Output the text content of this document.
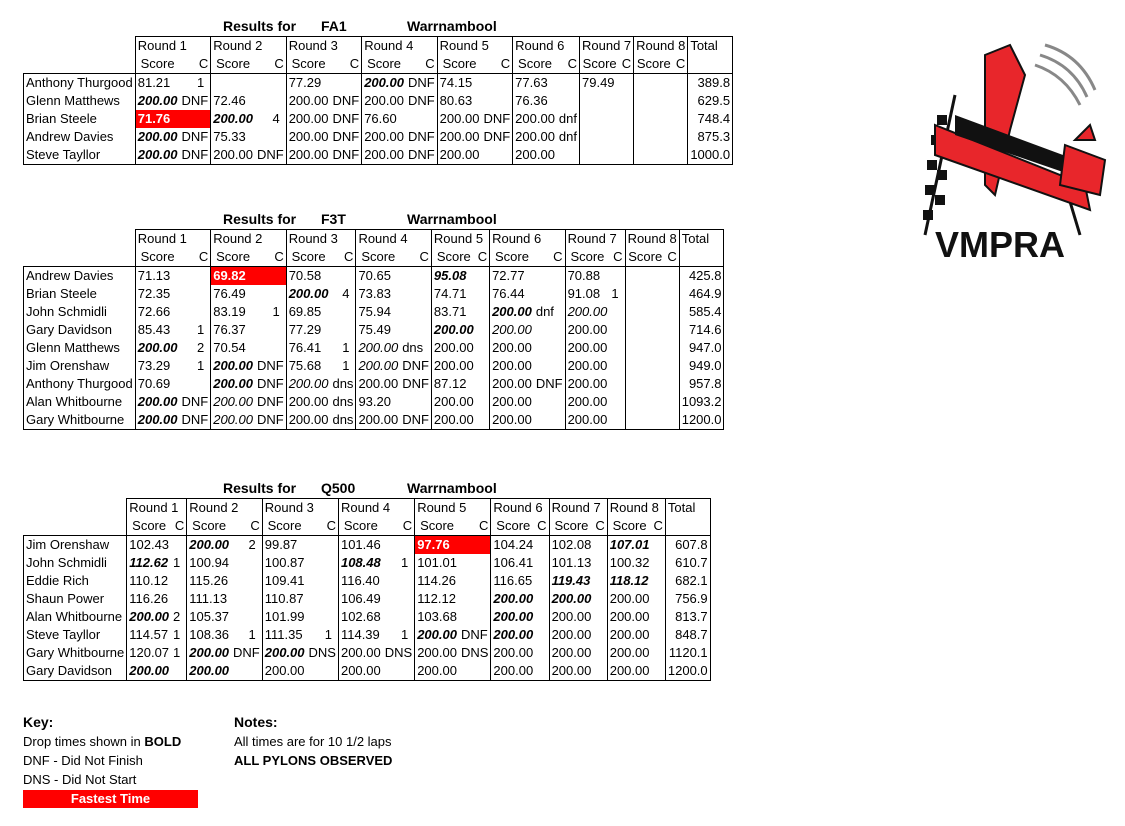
Results for FA1	Warrnambool
	Round 1		Round 2		Round 3		Round 4		Round 5		Round 6		Round 7		Round 8		Total
	Score	C	Score	C	Score	C	Score	C	Score	C	Score	C	Score	C	Score	C	
Anthony Thurgood	81.21	1			77.29		200.00	DNF	74.15		77.63		79.49				389.8
Glenn Matthews	200.00	DNF	72.46		200.00	DNF	200.00	DNF	80.63		76.36						629.5
Brian Steele	71.76		200.00	4	200.00	DNF	76.60		200.00	DNF	200.00	dnf					748.4
Andrew Davies	200.00	DNF	75.33		200.00	DNF	200.00	DNF	200.00	DNF	200.00	dnf					875.3
Steve Tayllor	200.00	DNF	200.00	DNF	200.00	DNF	200.00	DNF	200.00		200.00						1000.0
Results for F3T	Warrnambool
	Round 1		Round 2		Round 3		Round 4		Round 5		Round 6		Round 7		Round 8		Total
	Score	C	Score	C	Score	C	Score	C	Score	C	Score	C	Score	C	Score	C	
Andrew Davies	71.13		69.82		70.58		70.65		95.08		72.77		70.88				425.8
Brian Steele	72.35		76.49		200.00	4	73.83		74.71		76.44		91.08	1			464.9
John Schmidli	72.66		83.19	1	69.85		75.94		83.71		200.00	dnf	200.00				585.4
Gary Davidson	85.43	1	76.37		77.29		75.49		200.00		200.00		200.00				714.6
Glenn Matthews	200.00	2	70.54		76.41	1	200.00	dns	200.00		200.00		200.00				947.0
Jim Orenshaw	73.29	1	200.00	DNF	75.68	1	200.00	DNF	200.00		200.00		200.00				949.0
Anthony Thurgood	70.69		200.00	DNF	200.00	dns	200.00	DNF	87.12		200.00	DNF	200.00				957.8
Alan Whitbourne	200.00	DNF	200.00	DNF	200.00	dns	93.20		200.00		200.00		200.00				1093.2
Gary Whitbourne	200.00	DNF	200.00	DNF	200.00	dns	200.00	DNF	200.00		200.00		200.00				1200.0
Results for Q500	Warrnambool
	Round 1		Round 2		Round 3		Round 4		Round 5		Round 6		Round 7		Round 8		Total
	Score	C	Score	C	Score	C	Score	C	Score	C	Score	C	Score	C	Score	C	
Jim Orenshaw	102.43		200.00	2	99.87		101.46		97.76		104.24		102.08		107.01		607.8
John Schmidli	112.62	1	100.94		100.87		108.48	1	101.01		106.41		101.13		100.32		610.7
Eddie Rich	110.12		115.26		109.41		116.40		114.26		116.65		119.43		118.12		682.1
Shaun Power	116.26		111.13		110.87		106.49		112.12		200.00		200.00		200.00		756.9
Alan Whitbourne	200.00	2	105.37		101.99		102.68		103.68		200.00		200.00		200.00		813.7
Steve Tayllor	114.57	1	108.36	1	111.35	1	114.39	1	200.00	DNF	200.00		200.00		200.00		848.7
Gary Whitbourne	120.07	1	200.00	DNF	200.00	DNS	200.00	DNS	200.00	DNS	200.00		200.00		200.00		1120.1
Gary Davidson	200.00		200.00		200.00		200.00		200.00		200.00		200.00		200.00		1200.0
Key:
Drop times shown in BOLD
DNF - Did Not Finish
DNS - Did Not Start
Fastest Time
Notes:
All times are for 10 1/2 laps
ALL PYLONS OBSERVED
VMPRA
